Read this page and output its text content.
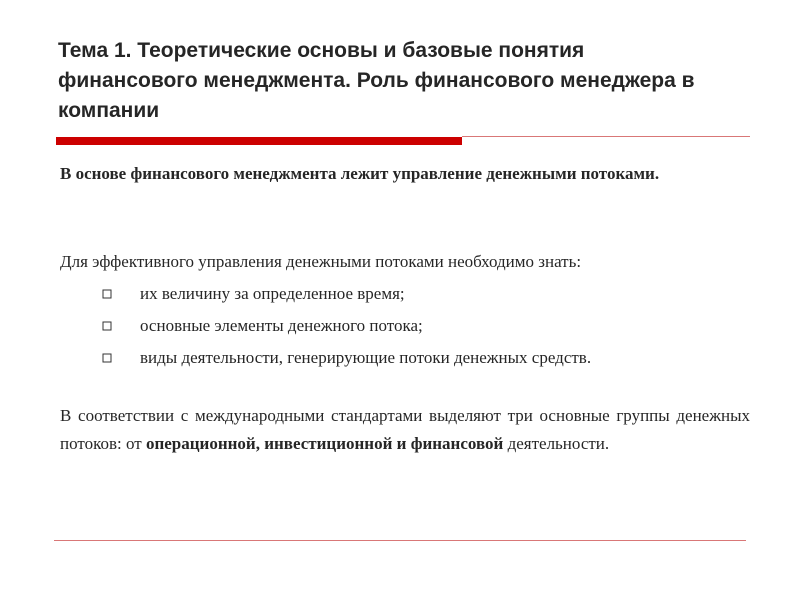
Тема 1. Теоретические основы и базовые понятия финансового менеджмента. Роль финансового менеджера в компании

В основе финансового менеджмента лежит управление денежными потоками.

Для эффективного управления денежными потоками необходимо знать:

их величину за определенное время;
основные элементы денежного потока;
виды деятельности, генерирующие потоки денежных средств.

В соответствии с международными стандартами выделяют три основные группы денежных потоков: от операционной, инвестиционной и финансовой деятельности.
